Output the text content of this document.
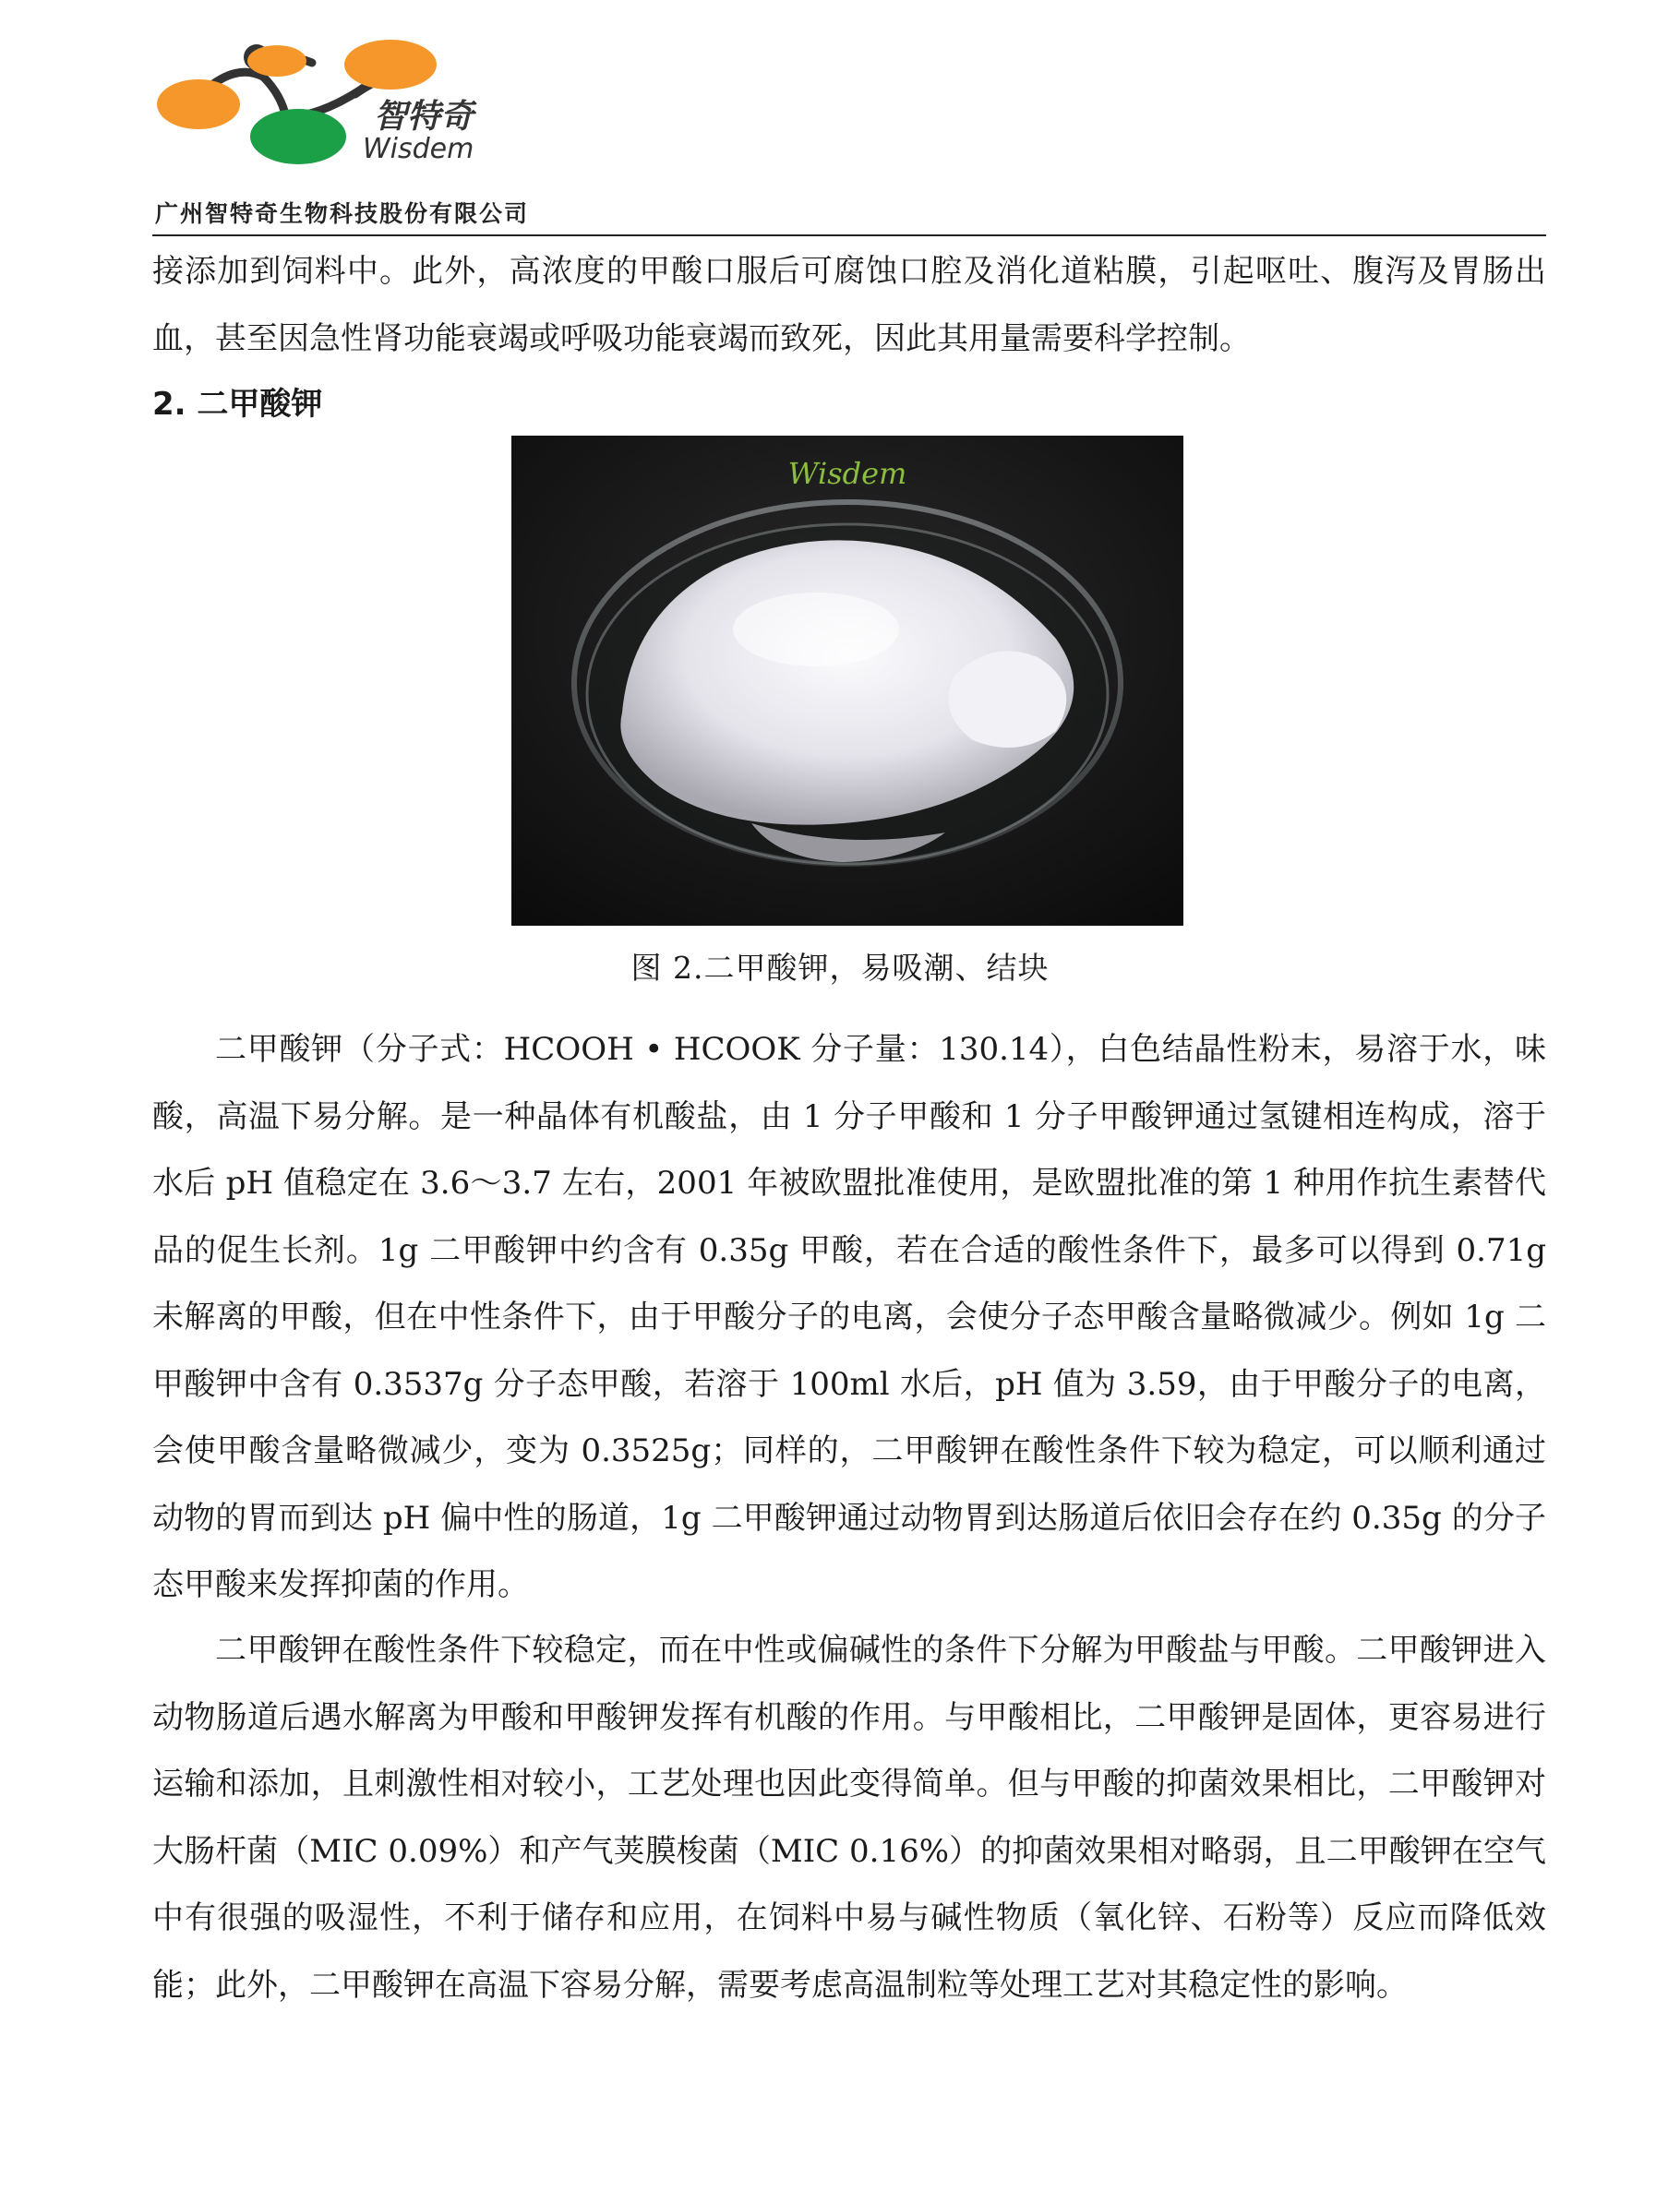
智特奇
Wisdem
广州智特奇生物科技股份有限公司

接添加到饲料中。此外，高浓度的甲酸口服后可腐蚀口腔及消化道粘膜，引起呕吐、腹泻及胃肠出血，甚至因急性肾功能衰竭或呼吸功能衰竭而致死，因此其用量需要科学控制。

2. 二甲酸钾
Wisdem
图 2.二甲酸钾，易吸潮、结块

二甲酸钾（分子式：HCOOH • HCOOK 分子量：130.14），白色结晶性粉末，易溶于水，味酸，高温下易分解。是一种晶体有机酸盐，由 1 分子甲酸和 1 分子甲酸钾通过氢键相连构成，溶于水后 pH 值稳定在 3.6～3.7 左右，2001 年被欧盟批准使用，是欧盟批准的第 1 种用作抗生素替代品的促生长剂。1g 二甲酸钾中约含有 0.35g 甲酸，若在合适的酸性条件下，最多可以得到 0.71g 未解离的甲酸，但在中性条件下，由于甲酸分子的电离，会使分子态甲酸含量略微减少。例如 1g 二甲酸钾中含有 0.3537g 分子态甲酸，若溶于 100ml 水后，pH 值为 3.59，由于甲酸分子的电离，会使甲酸含量略微减少，变为 0.3525g；同样的，二甲酸钾在酸性条件下较为稳定，可以顺利通过动物的胃而到达 pH 偏中性的肠道，1g 二甲酸钾通过动物胃到达肠道后依旧会存在约 0.35g 的分子态甲酸来发挥抑菌的作用。

二甲酸钾在酸性条件下较稳定，而在中性或偏碱性的条件下分解为甲酸盐与甲酸。二甲酸钾进入动物肠道后遇水解离为甲酸和甲酸钾发挥有机酸的作用。与甲酸相比，二甲酸钾是固体，更容易进行运输和添加，且刺激性相对较小，工艺处理也因此变得简单。但与甲酸的抑菌效果相比，二甲酸钾对大肠杆菌（MIC 0.09%）和产气荚膜梭菌（MIC 0.16%）的抑菌效果相对略弱，且二甲酸钾在空气中有很强的吸湿性，不利于储存和应用，在饲料中易与碱性物质（氧化锌、石粉等）反应而降低效能；此外，二甲酸钾在高温下容易分解，需要考虑高温制粒等处理工艺对其稳定性的影响。
